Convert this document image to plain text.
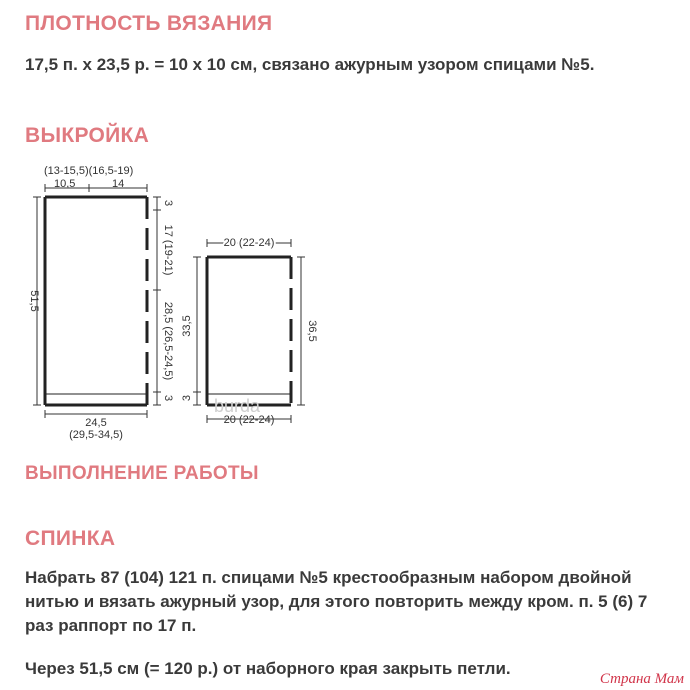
ПЛОТНОСТЬ ВЯЗАНИЯ

17,5 п. х 23,5 р. = 10 х 10 см, связано ажурным узором спицами №5.

ВЫКРОЙКА
(13-15,5)(16,5-19)
10,5	14
51,5
3
17 (19-21)
28,5 (26,5-24,5)
3
24,5
(29,5-34,5)
20 (22-24)
33,5
3
36,5
burda
20 (22-24)
ВЫПОЛНЕНИЕ РАБОТЫ
СПИНКА

Набрать 87 (104) 121 п. спицами №5 крестообразным набором двойной нитью и вязать ажурный узор, для этого повторить между кром. п. 5 (6) 7 раз раппорт по 17 п.

Через 51,5 см (= 120 р.) от наборного края закрыть петли.

Страна Мам
